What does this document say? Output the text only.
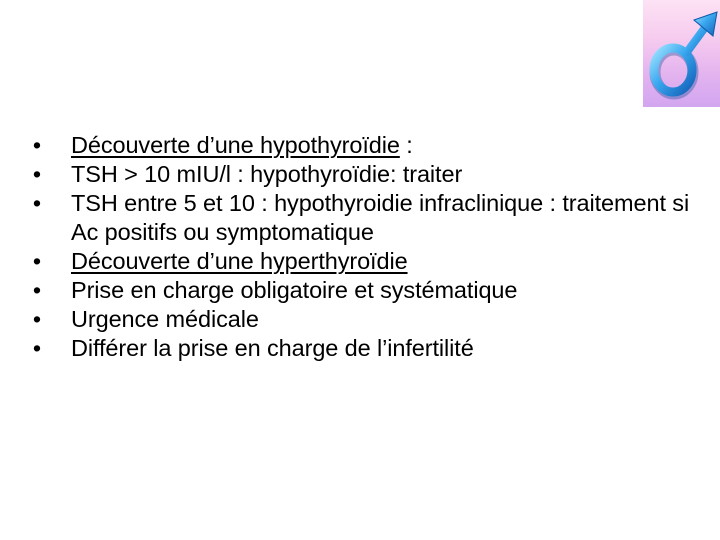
• Découverte d’une hypothyroïdie :
• TSH > 10 mIU/l : hypothyroïdie: traiter
• TSH entre 5 et 10 : hypothyroidie infraclinique : traitement si Ac positifs ou symptomatique
• Découverte d’une hyperthyroïdie
• Prise en charge obligatoire et systématique
• Urgence médicale
• Différer la prise en charge de l’infertilité
